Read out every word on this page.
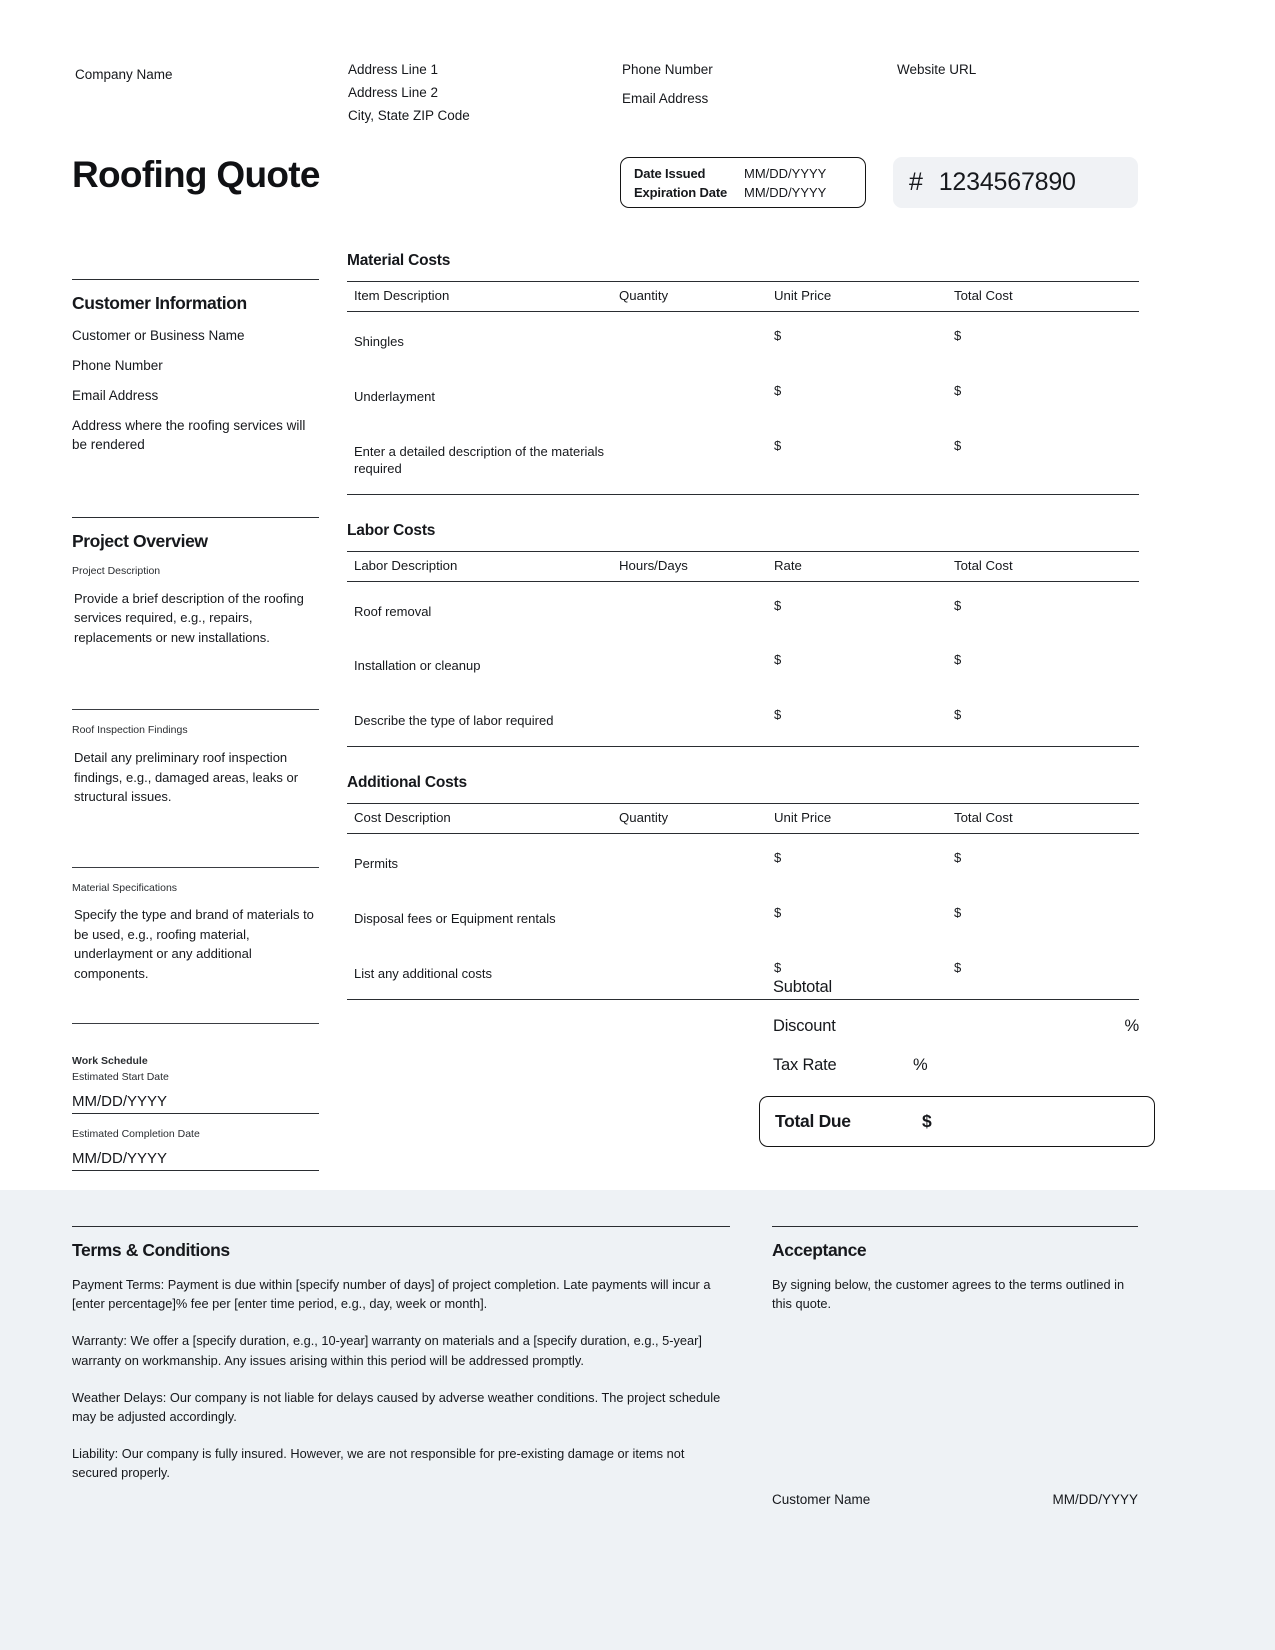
Company Name	Address Line 1
Address Line 2
City, State ZIP Code
Phone Number
Email Address
Website URL
Roofing Quote	Date Issued	MM/DD/YYYY
Expiration Date	MM/DD/YYYY	# 1234567890
Customer Information
Customer or Business Name
Phone Number
Email Address
Address where the roofing services will be rendered
Project Overview
Project Description
Provide a brief description of the roofing services required, e.g., repairs, replacements or new installations.
Roof Inspection Findings
Detail any preliminary roof inspection findings, e.g., damaged areas, leaks or structural issues.
Material Specifications
Specify the type and brand of materials to be used, e.g., roofing material, underlayment or any additional components.
Work Schedule
Estimated Start Date
MM/DD/YYYY
Estimated Completion Date
MM/DD/YYYY
Material Costs
Item Description	Quantity	Unit Price	Total Cost
Shingles		$	$
Underlayment		$	$
Enter a detailed description of the materials required		$	$
Labor Costs
Labor Description	Hours/Days	Rate	Total Cost
Roof removal		$	$
Installation or cleanup		$	$
Describe the type of labor required		$	$
Additional Costs
Cost Description	Quantity	Unit Price	Total Cost
Permits		$	$
Disposal fees or Equipment rentals		$	$
List any additional costs		$	$
Subtotal
Discount	%
Tax Rate	%
Total Due	$
Terms & Conditions
Payment Terms: Payment is due within [specify number of days] of project completion. Late payments will incur a [enter percentage]% fee per [enter time period, e.g., day, week or month].
Warranty: We offer a [specify duration, e.g., 10-year] warranty on materials and a [specify duration, e.g., 5-year] warranty on workmanship. Any issues arising within this period will be addressed promptly.
Weather Delays: Our company is not liable for delays caused by adverse weather conditions. The project schedule may be adjusted accordingly.
Liability: Our company is fully insured. However, we are not responsible for pre-existing damage or items not secured properly.
Acceptance
By signing below, the customer agrees to the terms outlined in this quote.
Customer Name	MM/DD/YYYY
